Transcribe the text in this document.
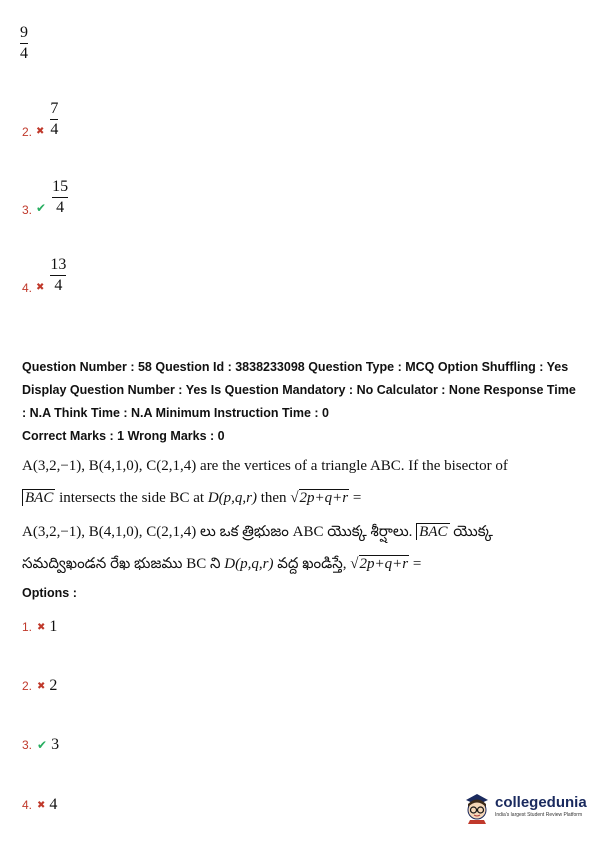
9
4
2. ✖ $\frac{7}{4}$
3. ✔ $\frac{15}{4}$
4. ✖ $\frac{13}{4}$
Question Number : 58 Question Id : 3838233098 Question Type : MCQ Option Shuffling : Yes
Display Question Number : Yes Is Question Mandatory : No Calculator : None Response Time
: N.A Think Time : N.A Minimum Instruction Time : 0
Correct Marks : 1 Wrong Marks : 0
A(3,2,−1), B(4,1,0), C(2,1,4) are the vertices of a triangle ABC. If the bisector of
BAC intersects the side BC at D(p,q,r) then √2p+q+r =
A(3,2,−1), B(4,1,0), C(2,1,4) లు ఒక త్రిభుజం ABC యొక్క శీర్షాలు. BAC యొక్క
సమద్విఖండన రేఖ భుజము BC ని D(p,q,r) వద్ద ఖండిస్తే, √2p+q+r =
Options :
1. ✖ 1
2. ✖ 2
3. ✔ 3
4. ✖ 4	collegedunia
India's largest Student Review Platform
